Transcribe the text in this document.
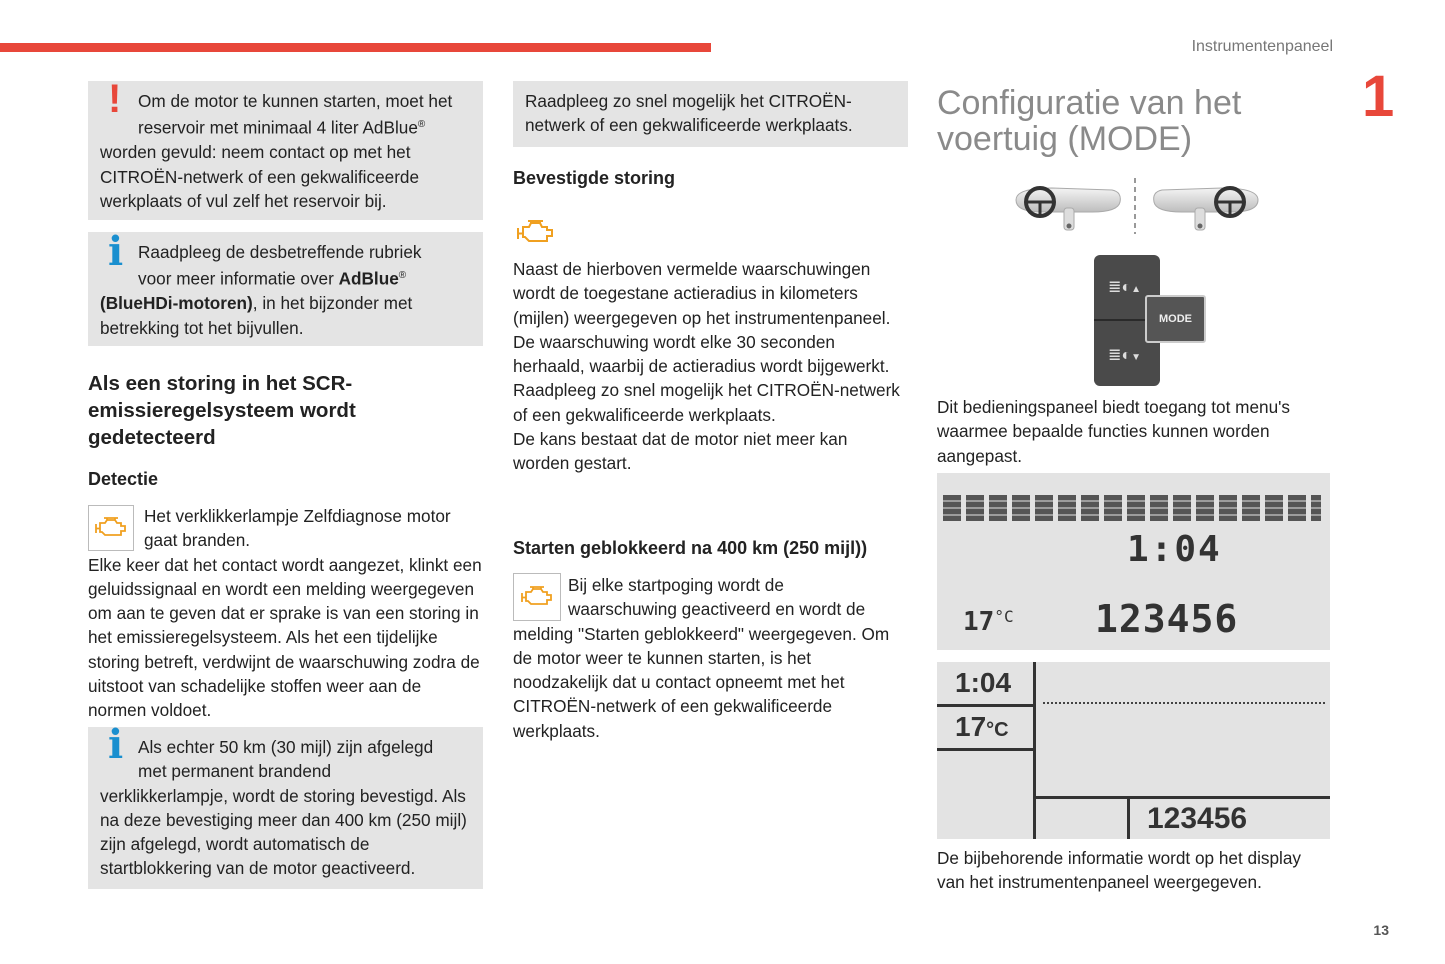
Instrumentenpaneel
1
13
! Om de motor te kunnen starten, moet het
reservoir met minimaal 4 liter AdBlue®
worden gevuld: neem contact op met het CITROËN-netwerk of een gekwalificeerde werkplaats of vul zelf het reservoir bij.

i Raadpleeg de desbetreffende rubriek
voor meer informatie over AdBlue®
(BlueHDi-motoren), in het bijzonder met betrekking tot het bijvullen.

Als een storing in het SCR-emissieregelsysteem wordt gedetecteerd
Detectie
Het verklikkerlampje Zelfdiagnose motor
gaat branden.
Elke keer dat het contact wordt aangezet, klinkt een geluidssignaal en wordt een melding weergegeven om aan te geven dat er sprake is van een storing in het emissieregelsysteem. Als het een tijdelijke storing betreft, verdwijnt de waarschuwing zodra de uitstoot van schadelijke stoffen weer aan de normen voldoet.
i Als echter 50 km (30 mijl) zijn afgelegd
met permanent brandend
verklikkerlampje, wordt de storing bevestigd. Als na deze bevestiging meer dan 400 km (250 mijl) zijn afgelegd, wordt automatisch de startblokkering van de motor geactiveerd.

Raadpleeg zo snel mogelijk het CITROËN-netwerk of een gekwalificeerde werkplaats.
Bevestigde storing
Naast de hierboven vermelde waarschuwingen wordt de toegestane actieradius in kilometers (mijlen) weergegeven op het instrumentenpaneel.
De waarschuwing wordt elke 30 seconden herhaald, waarbij de actieradius wordt bijgewerkt.
Raadpleeg zo snel mogelijk het CITROËN-netwerk of een gekwalificeerde werkplaats.
De kans bestaat dat de motor niet meer kan worden gestart.
Starten geblokkeerd na 400 km (250 mijl))
Bij elke startpoging wordt de
waarschuwing geactiveerd en wordt de
melding "Starten geblokkeerd" weergegeven. Om de motor weer te kunnen starten, is het noodzakelijk dat u contact opneemt met het CITROËN-netwerk of een gekwalificeerde werkplaats.
Configuratie van het voertuig (MODE)
≣◐▲
≣◐▼
MODE
Dit bedieningspaneel biedt toegang tot menu's waarmee bepaalde functies kunnen worden aangepast.
1:04
$17^{^\circ C}$ 123456
1:04
17°C
123456
De bijbehorende informatie wordt op het display van het instrumentenpaneel weergegeven.
